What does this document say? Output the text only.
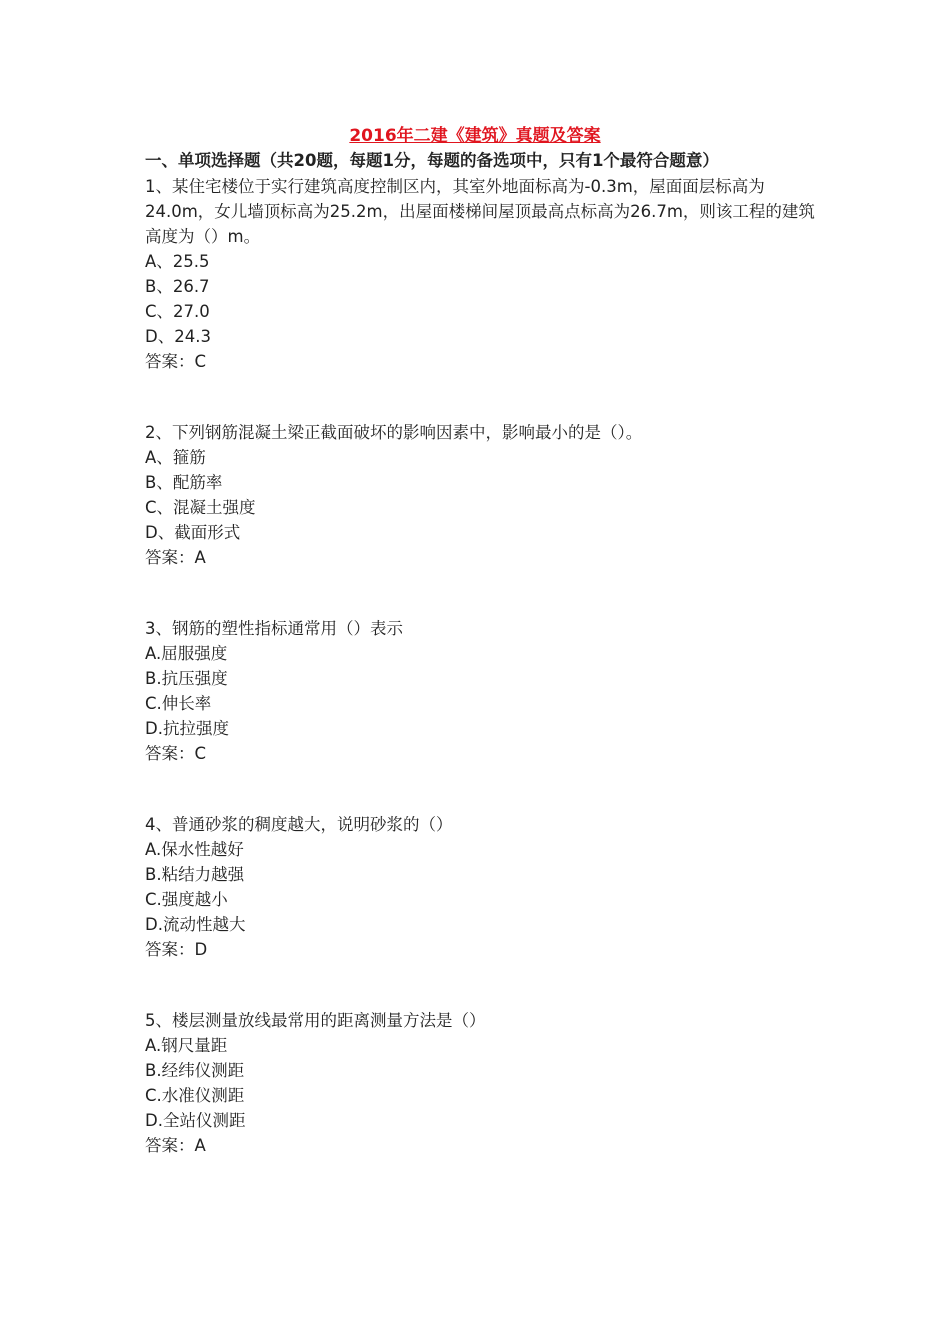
2016年二建《建筑》真题及答案
一、单项选择题（共20题，每题1分，每题的备选项中，只有1个最符合题意）

1、某住宅楼位于实行建筑高度控制区内，其室外地面标高为-0.3m，屋面面层标高为24.0m，女儿墙顶标高为25.2m，出屋面楼梯间屋顶最高点标高为26.7m，则该工程的建筑高度为（）m。

A、25.5
B、26.7
C、27.0
D、24.3
答案：C

2、下列钢筋混凝土梁正截面破坏的影响因素中，影响最小的是（）。

A、箍筋
B、配筋率
C、混凝土强度
D、截面形式
答案：A

3、钢筋的塑性指标通常用（）表示

A.屈服强度
B.抗压强度
C.伸长率
D.抗拉强度
答案：C

4、普通砂浆的稠度越大，说明砂浆的（）

A.保水性越好
B.粘结力越强
C.强度越小
D.流动性越大
答案：D

5、楼层测量放线最常用的距离测量方法是（）

A.钢尺量距
B.经纬仪测距
C.水准仪测距
D.全站仪测距
答案：A
